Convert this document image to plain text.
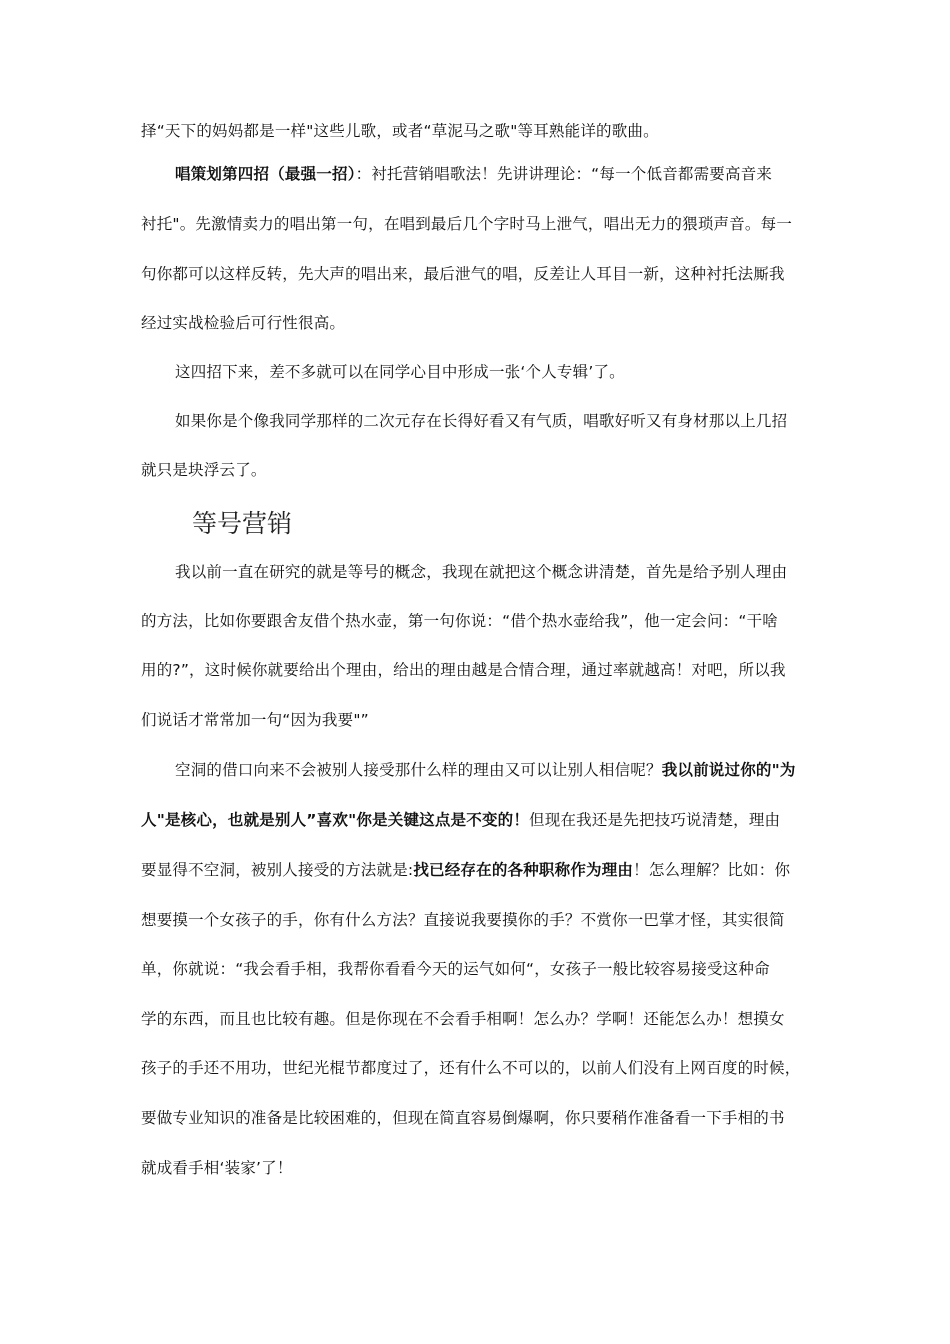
择“天下的妈妈都是一样"这些儿歌，或者“草泥马之歌"等耳熟能详的歌曲。
唱策划第四招（最强一招）：衬托营销唱歌法！先讲讲理论：“每一个低音都需要高音来
衬托"。先激情卖力的唱出第一句，在唱到最后几个字时马上泄气，唱出无力的猥琐声音。每一
句你都可以这样反转，先大声的唱出来，最后泄气的唱，反差让人耳目一新，这种衬托法厮我
经过实战检验后可行性很高。
这四招下来，差不多就可以在同学心目中形成一张‘个人专辑’了。
如果你是个像我同学那样的二次元存在长得好看又有气质，唱歌好听又有身材那以上几招
就只是块浮云了。
等号营销
我以前一直在研究的就是等号的概念，我现在就把这个概念讲清楚，首先是给予别人理由
的方法，比如你要跟舍友借个热水壶，第一句你说：“借个热水壶给我”，他一定会问：“干啥
用的?”，这时候你就要给出个理由，给出的理由越是合情合理，通过率就越高！对吧，所以我
们说话才常常加一句“因为我要"”
空洞的借口向来不会被别人接受那什么样的理由又可以让别人相信呢？我以前说过你的"为
人"是核心，也就是别人”喜欢"你是关键这点是不变的！但现在我还是先把技巧说清楚，理由
要显得不空洞，被别人接受的方法就是:找已经存在的各种职称作为理由！怎么理解？比如：你
想要摸一个女孩子的手，你有什么方法？直接说我要摸你的手？不赏你一巴掌才怪，其实很简
单，你就说：“我会看手相，我帮你看看今天的运气如何“，女孩子一般比较容易接受这种命
学的东西，而且也比较有趣。但是你现在不会看手相啊！怎么办？学啊！还能怎么办！想摸女
孩子的手还不用功，世纪光棍节都度过了，还有什么不可以的，以前人们没有上网百度的时候，
要做专业知识的准备是比较困难的，但现在简直容易倒爆啊，你只要稍作准备看一下手相的书
就成看手相‘装家’了！
